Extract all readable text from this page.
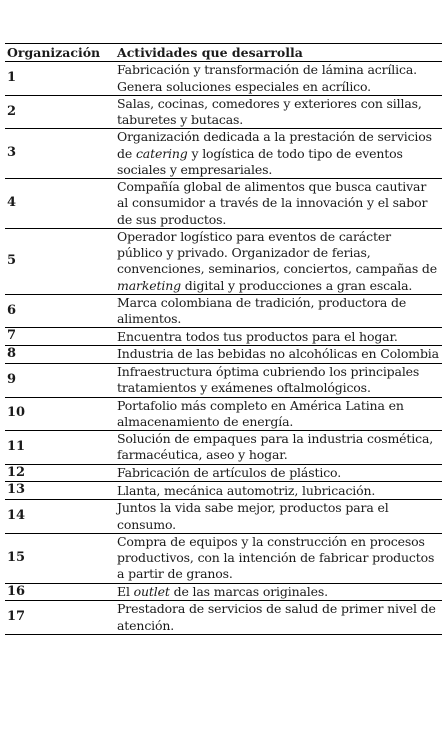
Organización	Actividades que desarrolla
1	Fabricación y transformación de lámina acrílica. Genera soluciones especiales en acrílico.
2	Salas, cocinas, comedores y exteriores con sillas, taburetes y butacas.
3	Organización dedicada a la prestación de servicios de catering y logística de todo tipo de eventos sociales y empresariales.
4	Compañía global de alimentos que busca cautivar al consumidor a través de la innovación y el sabor de sus productos.
5	Operador logístico para eventos de carácter público y privado. Organizador de ferias, convenciones, seminarios, conciertos, campañas de marketing digital y producciones a gran escala.
6	Marca colombiana de tradición, productora de alimentos.
7	Encuentra todos tus productos para el hogar.
8	Industria de las bebidas no alcohólicas en Colombia
9	Infraestructura óptima cubriendo los principales tratamientos y exámenes oftalmológicos.
10	Portafolio más completo en América Latina en almacenamiento de energía.
11	Solución de empaques para la industria cosmética, farmacéutica, aseo y hogar.
12	Fabricación de artículos de plástico.
13	Llanta, mecánica automotriz, lubricación.
14	Juntos la vida sabe mejor, productos para el consumo.
15	Compra de equipos y la construcción en procesos productivos, con la intención de fabricar productos a partir de granos.
16	El outlet de las marcas originales.
17	Prestadora de servicios de salud de primer nivel de atención.
